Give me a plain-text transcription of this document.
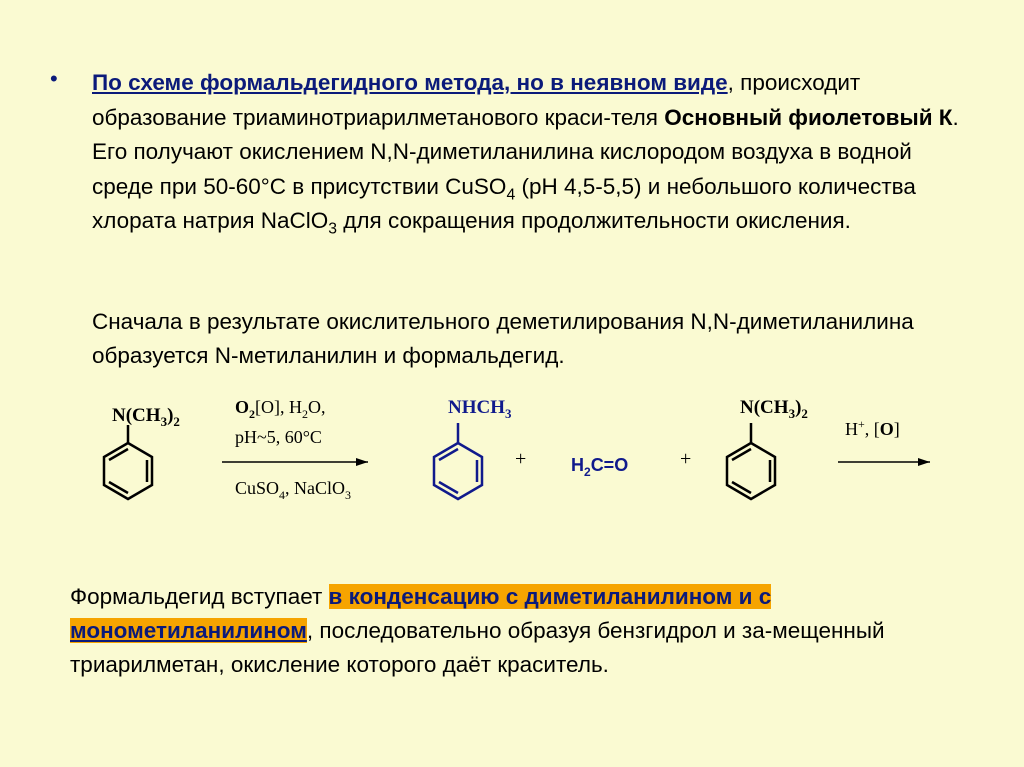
• По схеме формальдегидного метода, но в неявном виде, происходит образование триаминотриарилметанового краси-теля Основный фиолетовый К. Его получают окислением N,N-диметиланилина кислородом воздуха в водной среде при 50-60°С в присутствии CuSO$_4$ (pH 4,5-5,5) и небольшого количества хлората натрия NaClO$_3$ для сокращения продолжительности окисления.
Сначала в результате окислительного деметилирования N,N-диметиланилина образуется N-метиланилин и формальдегид.
$N(CH_3)_2$
$O_2[O]$, $H_2O$,
pH~5, 60°C
CuSO$_4$, NaClO$_3$
$NHCH_3$
+ $H_2C=O$	+
$N(CH_3)_2$
H+, [O]
Формальдегид вступает в конденсацию с диметиланилином и с
монометиланилином, последовательно образуя бензгидрол и за-мещенный триарилметан, окисление которого даёт краситель.
